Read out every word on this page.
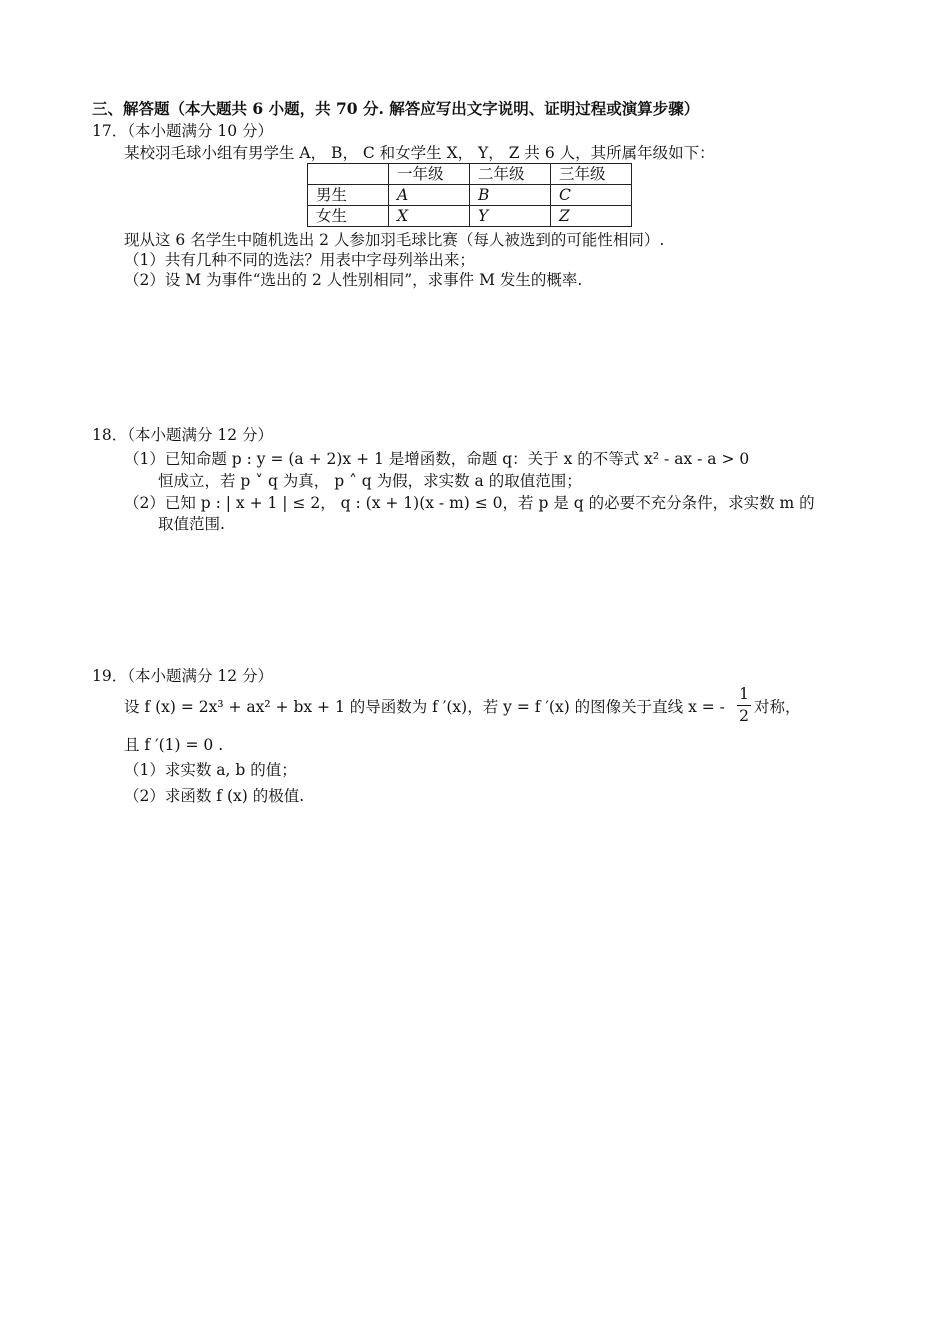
三、解答题（本大题共 6 小题，共 70 分. 解答应写出文字说明、证明过程或演算步骤）
17．（本小题满分 10 分）
某校羽毛球小组有男学生 A， B， C 和女学生 X， Y， Z 共 6 人，其所属年级如下：
	一年级	二年级	三年级
男生	A	B	C
女生	X	Y	Z
现从这 6 名学生中随机选出 2 人参加羽毛球比赛（每人被选到的可能性相同）.
（1）共有几种不同的选法？用表中字母列举出来；
（2）设 M 为事件“选出的 2 人性别相同”，求事件 M 发生的概率.
18．（本小题满分 12 分）
（1）已知命题 p : y = (a + 2)x + 1 是增函数，命题 q：关于 x 的不等式 x² - ax - a > 0
恒成立，若 p ˅ q 为真， p ˄ q 为假，求实数 a 的取值范围；
（2）已知 p : | x + 1 | ≤ 2， q : (x + 1)(x - m) ≤ 0，若 p 是 q 的必要不充分条件，求实数 m 的
取值范围.
19．（本小题满分 12 分）
设 f (x) = 2x³ + ax² + bx + 1 的导函数为 f ′(x)，若 y = f ′(x) 的图像关于直线 x = - $\frac{1}{2}$ 对称，
且 f ′(1) = 0 .
（1）求实数 a, b 的值；
（2）求函数 f (x) 的极值.
